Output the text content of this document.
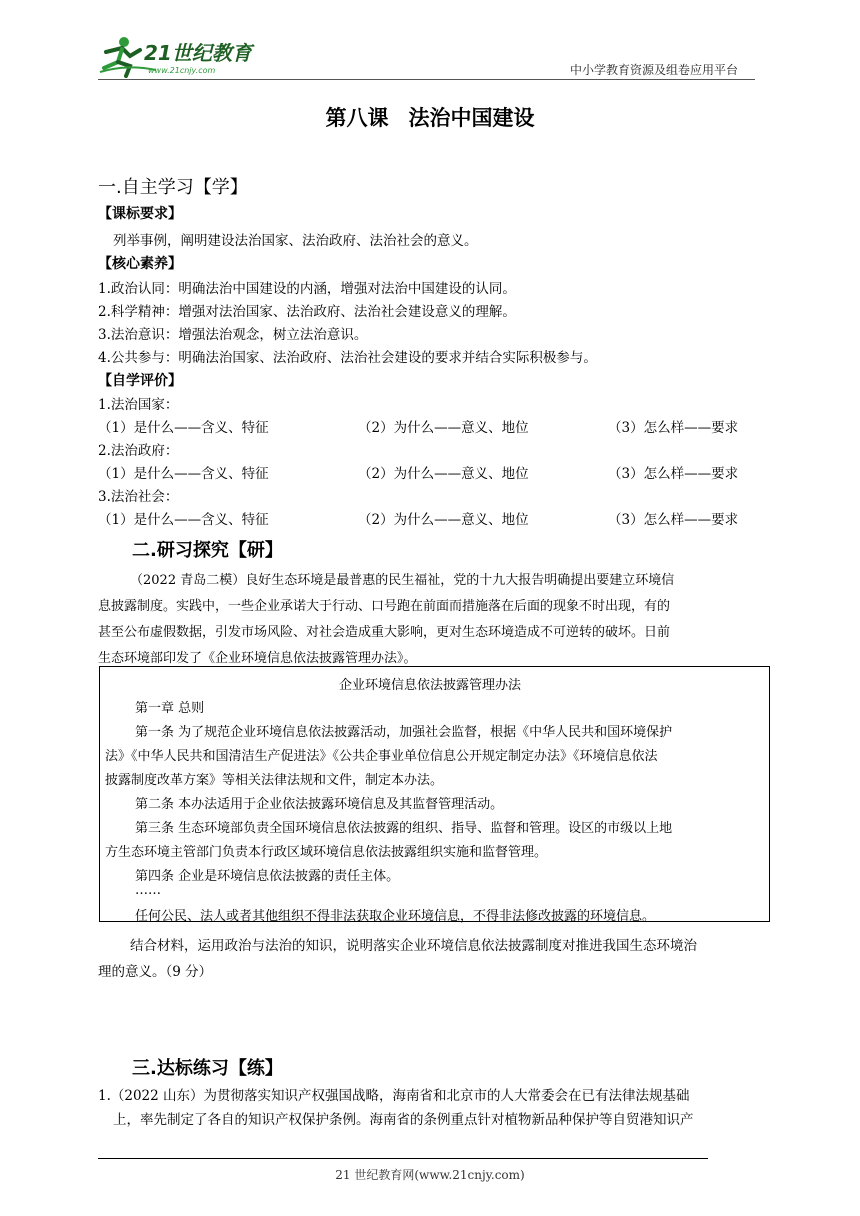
21世纪教育
www.21cnjy.com	中小学教育资源及组卷应用平台
第八课 法治中国建设
一.自主学习【学】
【课标要求】
列举事例，阐明建设法治国家、法治政府、法治社会的意义。
【核心素养】
1.政治认同：明确法治中国建设的内涵，增强对法治中国建设的认同。
2.科学精神：增强对法治国家、法治政府、法治社会建设意义的理解。
3.法治意识：增强法治观念，树立法治意识。
4.公共参与：明确法治国家、法治政府、法治社会建设的要求并结合实际积极参与。
【自学评价】
1.法治国家：
（1）是什么——含义、特征	（2）为什么——意义、地位	（3）怎么样——要求
2.法治政府：
（1）是什么——含义、特征	（2）为什么——意义、地位	（3）怎么样——要求
3.法治社会：
（1）是什么——含义、特征	（2）为什么——意义、地位	（3）怎么样——要求
二.研习探究【研】
（2022 青岛二模）良好生态环境是最普惠的民生福祉，党的十九大报告明确提出要建立环境信
息披露制度。实践中，一些企业承诺大于行动、口号跑在前面而措施落在后面的现象不时出现，有的
甚至公布虚假数据，引发市场风险、对社会造成重大影响，更对生态环境造成不可逆转的破坏。日前
生态环境部印发了《企业环境信息依法披露管理办法》。
企业环境信息依法披露管理办法
第一章 总则
第一条 为了规范企业环境信息依法披露活动，加强社会监督，根据《中华人民共和国环境保护
法》《中华人民共和国清洁生产促进法》《公共企事业单位信息公开规定制定办法》《环境信息依法
披露制度改革方案》等相关法律法规和文件，制定本办法。
第二条 本办法适用于企业依法披露环境信息及其监督管理活动。
第三条 生态环境部负责全国环境信息依法披露的组织、指导、监督和管理。设区的市级以上地
方生态环境主管部门负责本行政区域环境信息依法披露组织实施和监督管理。
第四条 企业是环境信息依法披露的责任主体。
……
任何公民、法人或者其他组织不得非法获取企业环境信息，不得非法修改披露的环境信息。
结合材料，运用政治与法治的知识，说明落实企业环境信息依法披露制度对推进我国生态环境治
理的意义。（9 分）
三.达标练习【练】
1.（2022 山东）为贯彻落实知识产权强国战略，海南省和北京市的人大常委会在已有法律法规基础
上，率先制定了各自的知识产权保护条例。海南省的条例重点针对植物新品种保护等自贸港知识产
21 世纪教育网(www.21cnjy.com)
